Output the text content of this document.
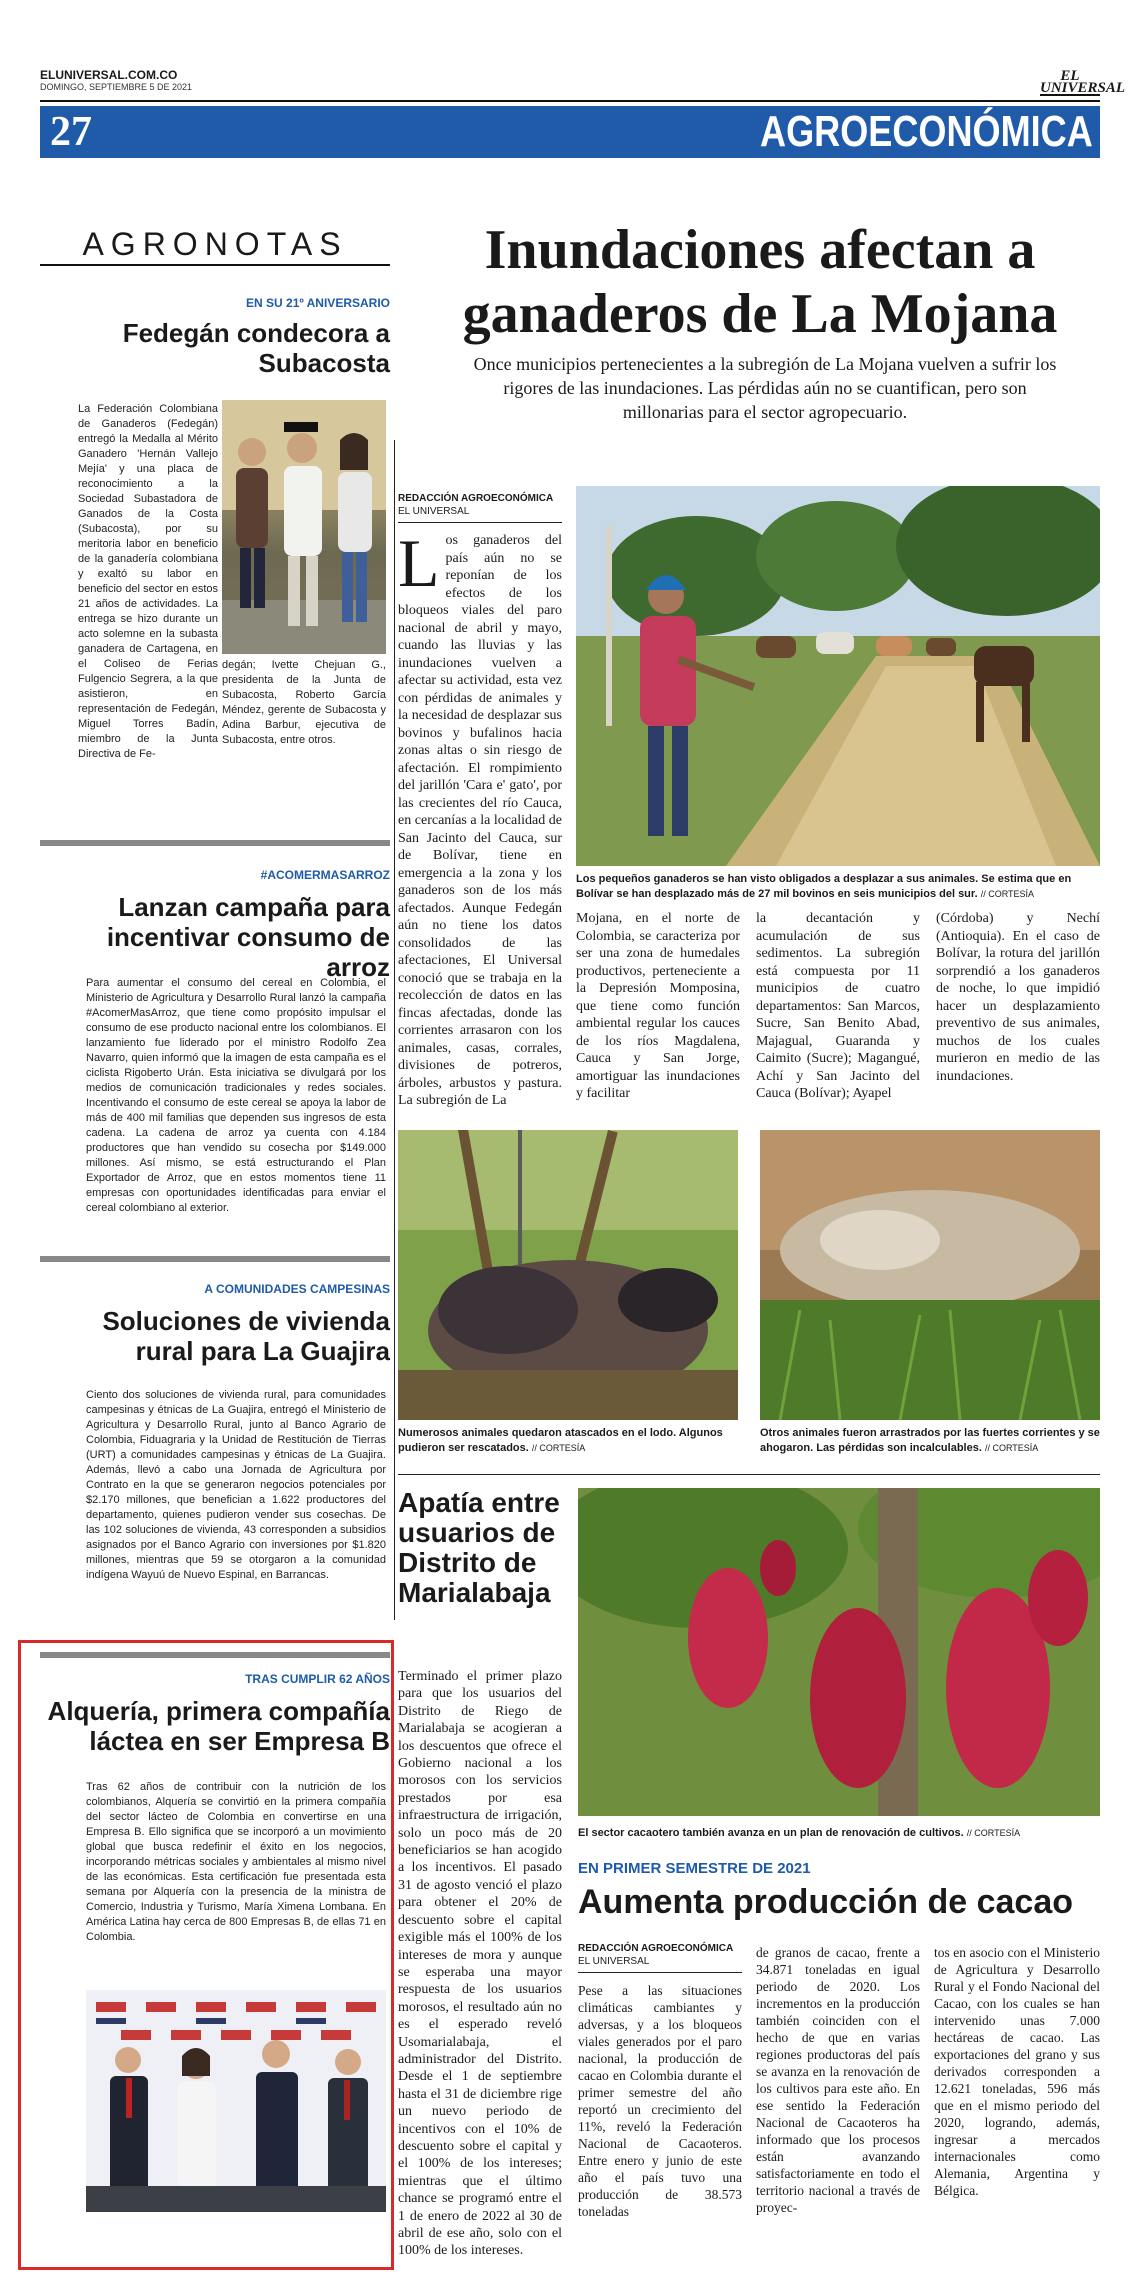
ELUNIVERSAL.COM.CO
DOMINGO, SEPTIEMBRE 5 DE 2021
EL
UNIVERSAL
27	AGROECONÓMICA
AGRONOTAS
EN SU 21º ANIVERSARIO
Fedegán condecora a Subacosta
La Federación Colombiana de Ganaderos (Fedegán) entregó la Medalla al Mérito Ganadero 'Hernán Vallejo Mejía' y una placa de reconocimiento a la Sociedad Subastadora de Ganados de la Costa (Subacosta), por su meritoria labor en beneficio de la ganadería colombiana y exaltó su labor en beneficio del sector en estos 21 años de actividades. La entrega se hizo durante un acto solemne en la subasta ganadera de Cartagena, en el Coliseo de Ferias Fulgencio Segrera, a la que asistieron, en representación de Fedegán, Miguel Torres Badín, miembro de la Junta Directiva de Fe-
degán; Ivette Chejuan G., presidenta de la Junta de Subacosta, Roberto García Méndez, gerente de Subacosta y Adina Barbur, ejecutiva de Subacosta, entre otros.
#ACOMERMASARROZ
Lanzan campaña para incentivar consumo de arroz
Para aumentar el consumo del cereal en Colombia, el Ministerio de Agricultura y Desarrollo Rural lanzó la campaña #AcomerMasArroz, que tiene como propósito impulsar el consumo de ese producto nacional entre los colombianos. El lanzamiento fue liderado por el ministro Rodolfo Zea Navarro, quien informó que la imagen de esta campaña es el ciclista Rigoberto Urán. Esta iniciativa se divulgará por los medios de comunicación tradicionales y redes sociales. Incentivando el consumo de este cereal se apoya la labor de más de 400 mil familias que dependen sus ingresos de esta cadena. La cadena de arroz ya cuenta con 4.184 productores que han vendido su cosecha por $149.000 millones. Así mismo, se está estructurando el Plan Exportador de Arroz, que en estos momentos tiene 11 empresas con oportunidades identificadas para enviar el cereal colombiano al exterior.
A COMUNIDADES CAMPESINAS
Soluciones de vivienda rural para La Guajira
Ciento dos soluciones de vivienda rural, para comunidades campesinas y étnicas de La Guajira, entregó el Ministerio de Agricultura y Desarrollo Rural, junto al Banco Agrario de Colombia, Fiduagraria y la Unidad de Restitución de Tierras (URT) a comunidades campesinas y étnicas de La Guajira. Además, llevó a cabo una Jornada de Agricultura por Contrato en la que se generaron negocios potenciales por $2.170 millones, que benefician a 1.622 productores del departamento, quienes pudieron vender sus cosechas. De las 102 soluciones de vivienda, 43 corresponden a subsidios asignados por el Banco Agrario con inversiones por $1.820 millones, mientras que 59 se otorgaron a la comunidad indígena Wayuú de Nuevo Espinal, en Barrancas.
TRAS CUMPLIR 62 AÑOS
Alquería, primera compañía láctea en ser Empresa B
Tras 62 años de contribuir con la nutrición de los colombianos, Alquería se convirtió en la primera compañía del sector lácteo de Colombia en convertirse en una Empresa B. Ello significa que se incorporó a un movimiento global que busca redefinir el éxito en los negocios, incorporando métricas sociales y ambientales al mismo nivel de las económicas. Esta certificación fue presentada esta semana por Alquería con la presencia de la ministra de Comercio, Industria y Turismo, María Ximena Lombana. En América Latina hay cerca de 800 Empresas B, de ellas 71 en Colombia.
Inundaciones afectan a ganaderos de La Mojana
Once municipios pertenecientes a la subregión de La Mojana vuelven a sufrir los rigores de las inundaciones. Las pérdidas aún no se cuantifican, pero son millonarias para el sector agropecuario.
REDACCIÓN AGROECONÓMICA
EL UNIVERSAL
Los ganaderos del país aún no se reponían de los efectos de los bloqueos viales del paro nacional de abril y mayo, cuando las lluvias y las inundaciones vuelven a afectar su actividad, esta vez con pérdidas de animales y la necesidad de desplazar sus bovinos y bufalinos hacia zonas altas o sin riesgo de afectación. El rompimiento del jarillón 'Cara e' gato', por las crecientes del río Cauca, en cercanías a la localidad de San Jacinto del Cauca, sur de Bolívar, tiene en emergencia a la zona y los ganaderos son de los más afectados. Aunque Fedegán aún no tiene los datos consolidados de las afectaciones, El Universal conoció que se trabaja en la recolección de datos en las fincas afectadas, donde las corrientes arrasaron con los animales, casas, corrales, divisiones de potreros, árboles, arbustos y pastura. La subregión de La
Los pequeños ganaderos se han visto obligados a desplazar a sus animales. Se estima que en Bolívar se han desplazado más de 27 mil bovinos en seis municipios del sur. // CORTESÍA
Mojana, en el norte de Colombia, se caracteriza por ser una zona de humedales productivos, perteneciente a la Depresión Momposina, que tiene como función ambiental regular los cauces de los ríos Magdalena, Cauca y San Jorge, amortiguar las inundaciones y facilitar
la decantación y acumulación de sus sedimentos. La subregión está compuesta por 11 municipios de cuatro departamentos: San Marcos, Sucre, San Benito Abad, Majagual, Guaranda y Caimito (Sucre); Magangué, Achí y San Jacinto del Cauca (Bolívar); Ayapel
(Córdoba) y Nechí (Antioquia). En el caso de Bolívar, la rotura del jarillón sorprendió a los ganaderos de noche, lo que impidió hacer un desplazamiento preventivo de sus animales, muchos de los cuales murieron en medio de las inundaciones.
Numerosos animales quedaron atascados en el lodo. Algunos pudieron ser rescatados. // CORTESÍA
Otros animales fueron arrastrados por las fuertes corrientes y se ahogaron. Las pérdidas son incalculables. // CORTESÍA
Apatía entre usuarios de Distrito de Marialabaja
Terminado el primer plazo para que los usuarios del Distrito de Riego de Marialabaja se acogieran a los descuentos que ofrece el Gobierno nacional a los morosos con los servicios prestados por esa infraestructura de irrigación, solo un poco más de 20 beneficiarios se han acogido a los incentivos. El pasado 31 de agosto venció el plazo para obtener el 20% de descuento sobre el capital exigible más el 100% de los intereses de mora y aunque se esperaba una mayor respuesta de los usuarios morosos, el resultado aún no es el esperado reveló Usomarialabaja, el administrador del Distrito. Desde el 1 de septiembre hasta el 31 de diciembre rige un nuevo periodo de incentivos con el 10% de descuento sobre el capital y el 100% de los intereses; mientras que el último chance se programó entre el 1 de enero de 2022 al 30 de abril de ese año, solo con el 100% de los intereses.
El sector cacaotero también avanza en un plan de renovación de cultivos. // CORTESÍA
EN PRIMER SEMESTRE DE 2021
Aumenta producción de cacao
REDACCIÓN AGROECONÓMICA
EL UNIVERSAL
Pese a las situaciones climáticas cambiantes y adversas, y a los bloqueos viales generados por el paro nacional, la producción de cacao en Colombia durante el primer semestre del año reportó un crecimiento del 11%, reveló la Federación Nacional de Cacaoteros. Entre enero y junio de este año el país tuvo una producción de 38.573 toneladas
de granos de cacao, frente a 34.871 toneladas en igual periodo de 2020. Los incrementos en la producción también coinciden con el hecho de que en varias regiones productoras del país se avanza en la renovación de los cultivos para este año. En ese sentido la Federación Nacional de Cacaoteros ha informado que los procesos están avanzando satisfactoriamente en todo el territorio nacional a través de proyec-
tos en asocio con el Ministerio de Agricultura y Desarrollo Rural y el Fondo Nacional del Cacao, con los cuales se han intervenido unas 7.000 hectáreas de cacao. Las exportaciones del grano y sus derivados corresponden a 12.621 toneladas, 596 más que en el mismo periodo del 2020, logrando, además, ingresar a mercados internacionales como Alemania, Argentina y Bélgica.
